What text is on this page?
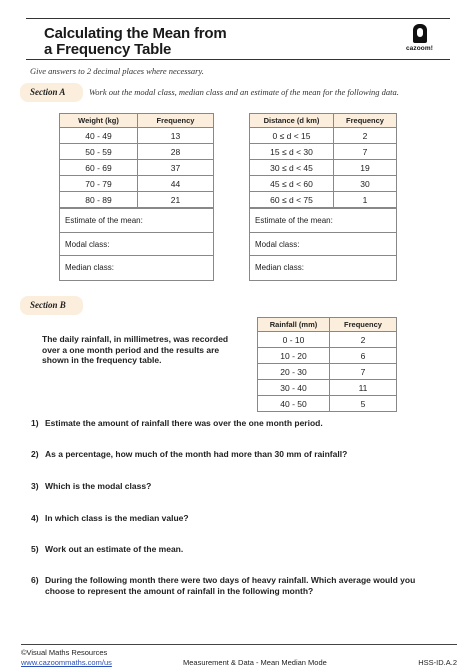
Calculating the Mean from
a Frequency Table	cazoom!
Give answers to 2 decimal places where necessary.
Section A	Work out the modal class, median class and an estimate of the mean for the following data.
Weight (kg)	Frequency
40 - 49	13
50 - 59	28
60 - 69	37
70 - 79	44
80 - 89	21
Distance (d km)	Frequency
0 ≤ d < 15	2
15 ≤ d < 30	7
30 ≤ d < 45	19
45 ≤ d < 60	30
60 ≤ d < 75	1
Estimate of the mean:
Modal class:
Median class:
Estimate of the mean:
Modal class:
Median class:
Section B
The daily rainfall, in millimetres, was recorded over a one month period and the results are shown in the frequency table.
Rainfall (mm)	Frequency
0 - 10	2
10 - 20	6
20 - 30	7
30 - 40	11
40 - 50	5
1) Estimate the amount of rainfall there was over the one month period.
2) As a percentage, how much of the month had more than 30 mm of rainfall?
3) Which is the modal class?
4) In which class is the median value?
5) Work out an estimate of the mean.
6) During the following month there were two days of heavy rainfall. Which average would you
choose to represent the amount of rainfall in the following month?
©Visual Maths Resources
www.cazoommaths.com/us	Measurement & Data - Mean Median Mode	HSS-ID.A.2
